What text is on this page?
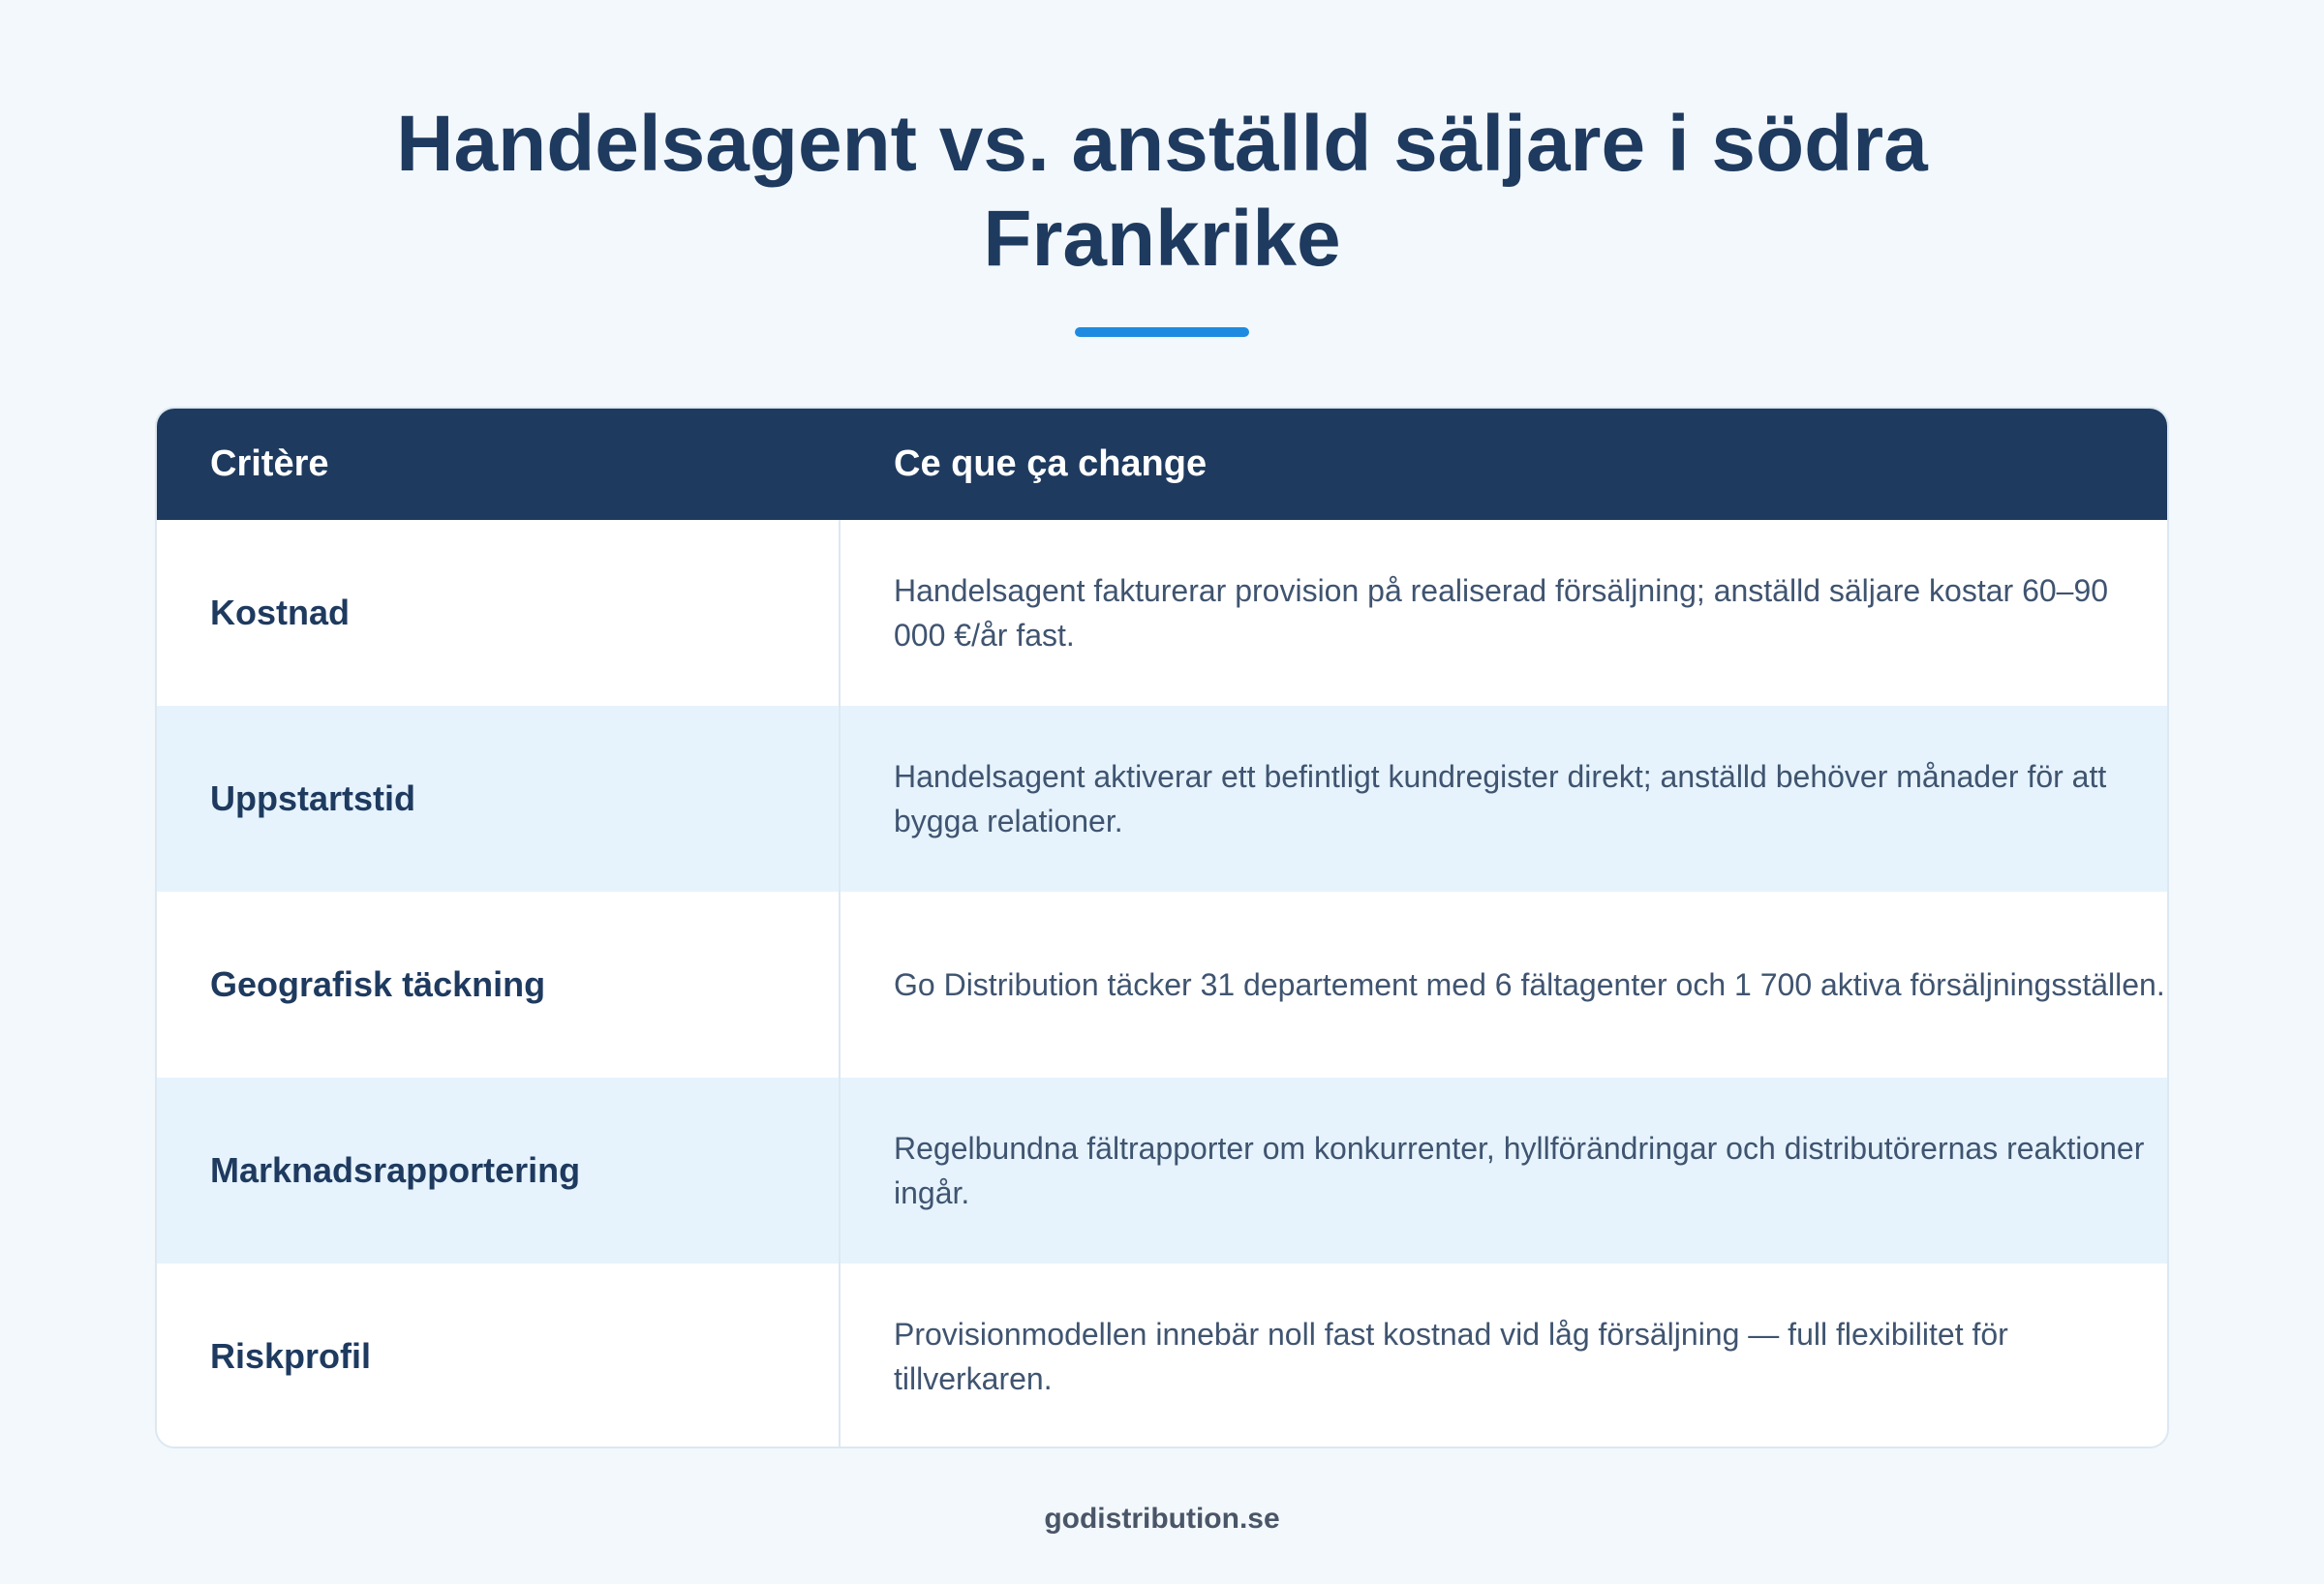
Handelsagent vs. anställd säljare i södra Frankrike
Critère	Ce que ça change
Kostnad
Handelsagent fakturerar provision på realiserad försäljning; anställd säljare kostar 60–90 000 €/år fast.
Uppstartstid
Handelsagent aktiverar ett befintligt kundregister direkt; anställd behöver månader för att bygga relationer.
Geografisk täckning	Go Distribution täcker 31 departement med 6 fältagenter och 1 700 aktiva försäljningsställen.
Marknadsrapportering
Regelbundna fältrapporter om konkurrenter, hyllförändringar och distributörernas reaktioner ingår.
Riskprofil
Provisionmodellen innebär noll fast kostnad vid låg försäljning — full flexibilitet för tillverkaren.
godistribution.se
